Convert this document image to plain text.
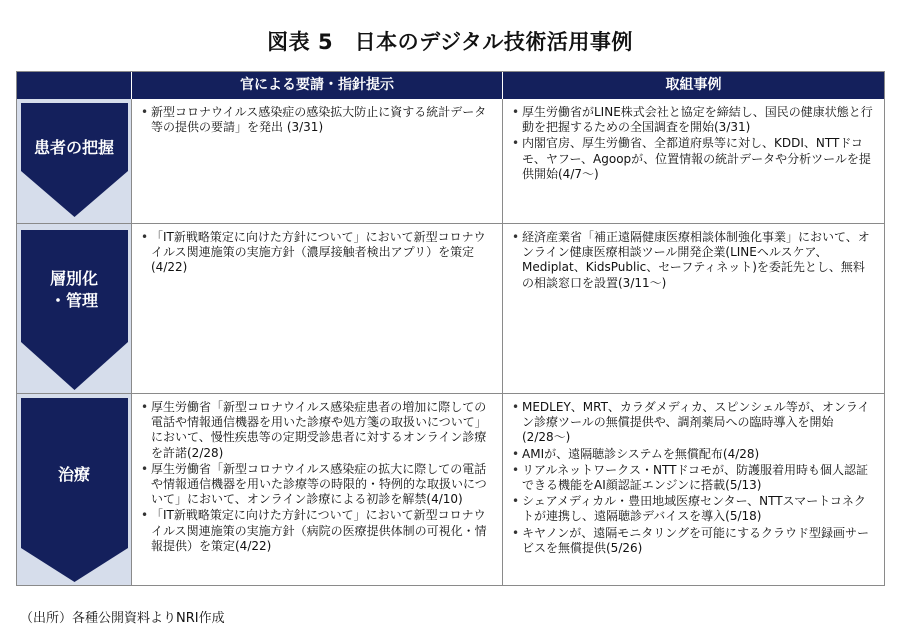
図表 5　日本のデジタル技術活用事例
官による要請・指針提示	取組事例
患者の把握
• 新型コロナウイルス感染症の感染拡大防止に資する統計データ等の提供の要請」を発出 (3/31)
• 厚生労働省がLINE株式会社と協定を締結し、国民の健康状態と行動を把握するための全国調査を開始(3/31)
• 内閣官房、厚生労働省、全都道府県等に対し、KDDI、NTTドコモ、ヤフー、Agoopが、位置情報の統計データや分析ツールを提供開始(4/7〜)
層別化
・管理
• 「IT新戦略策定に向けた方針について」において新型コロナウイルス関連施策の実施方針（濃厚接触者検出アプリ）を策定(4/22)
• 経済産業省「補正遠隔健康医療相談体制強化事業」において、オンライン健康医療相談ツール開発企業(LINEヘルスケア、Mediplat、KidsPublic、セーフティネット)を委託先とし、無料の相談窓口を設置(3/11〜)
治療
• 厚生労働省「新型コロナウイルス感染症患者の増加に際しての電話や情報通信機器を用いた診療や処方箋の取扱いについて」において、慢性疾患等の定期受診患者に対するオンライン診療を許諾(2/28)
• 厚生労働省「新型コロナウイルス感染症の拡大に際しての電話や情報通信機器を用いた診療等の時限的・特例的な取扱いについて」において、オンライン診療による初診を解禁(4/10)
• 「IT新戦略策定に向けた方針について」において新型コロナウイルス関連施策の実施方針（病院の医療提供体制の可視化・情報提供）を策定(4/22)
• MEDLEY、MRT、カラダメディカ、スピンシェル等が、オンライン診療ツールの無償提供や、調剤薬局への臨時導入を開始(2/28〜)
• AMIが、遠隔聴診システムを無償配布(4/28)
• リアルネットワークス・NTTドコモが、防護服着用時も個人認証できる機能をAI顔認証エンジンに搭載(5/13)
• シェアメディカル・豊田地域医療センター、NTTスマートコネクトが連携し、遠隔聴診デバイスを導入(5/18)
• キヤノンが、遠隔モニタリングを可能にするクラウド型録画サービスを無償提供(5/26)
（出所）各種公開資料よりNRI作成
